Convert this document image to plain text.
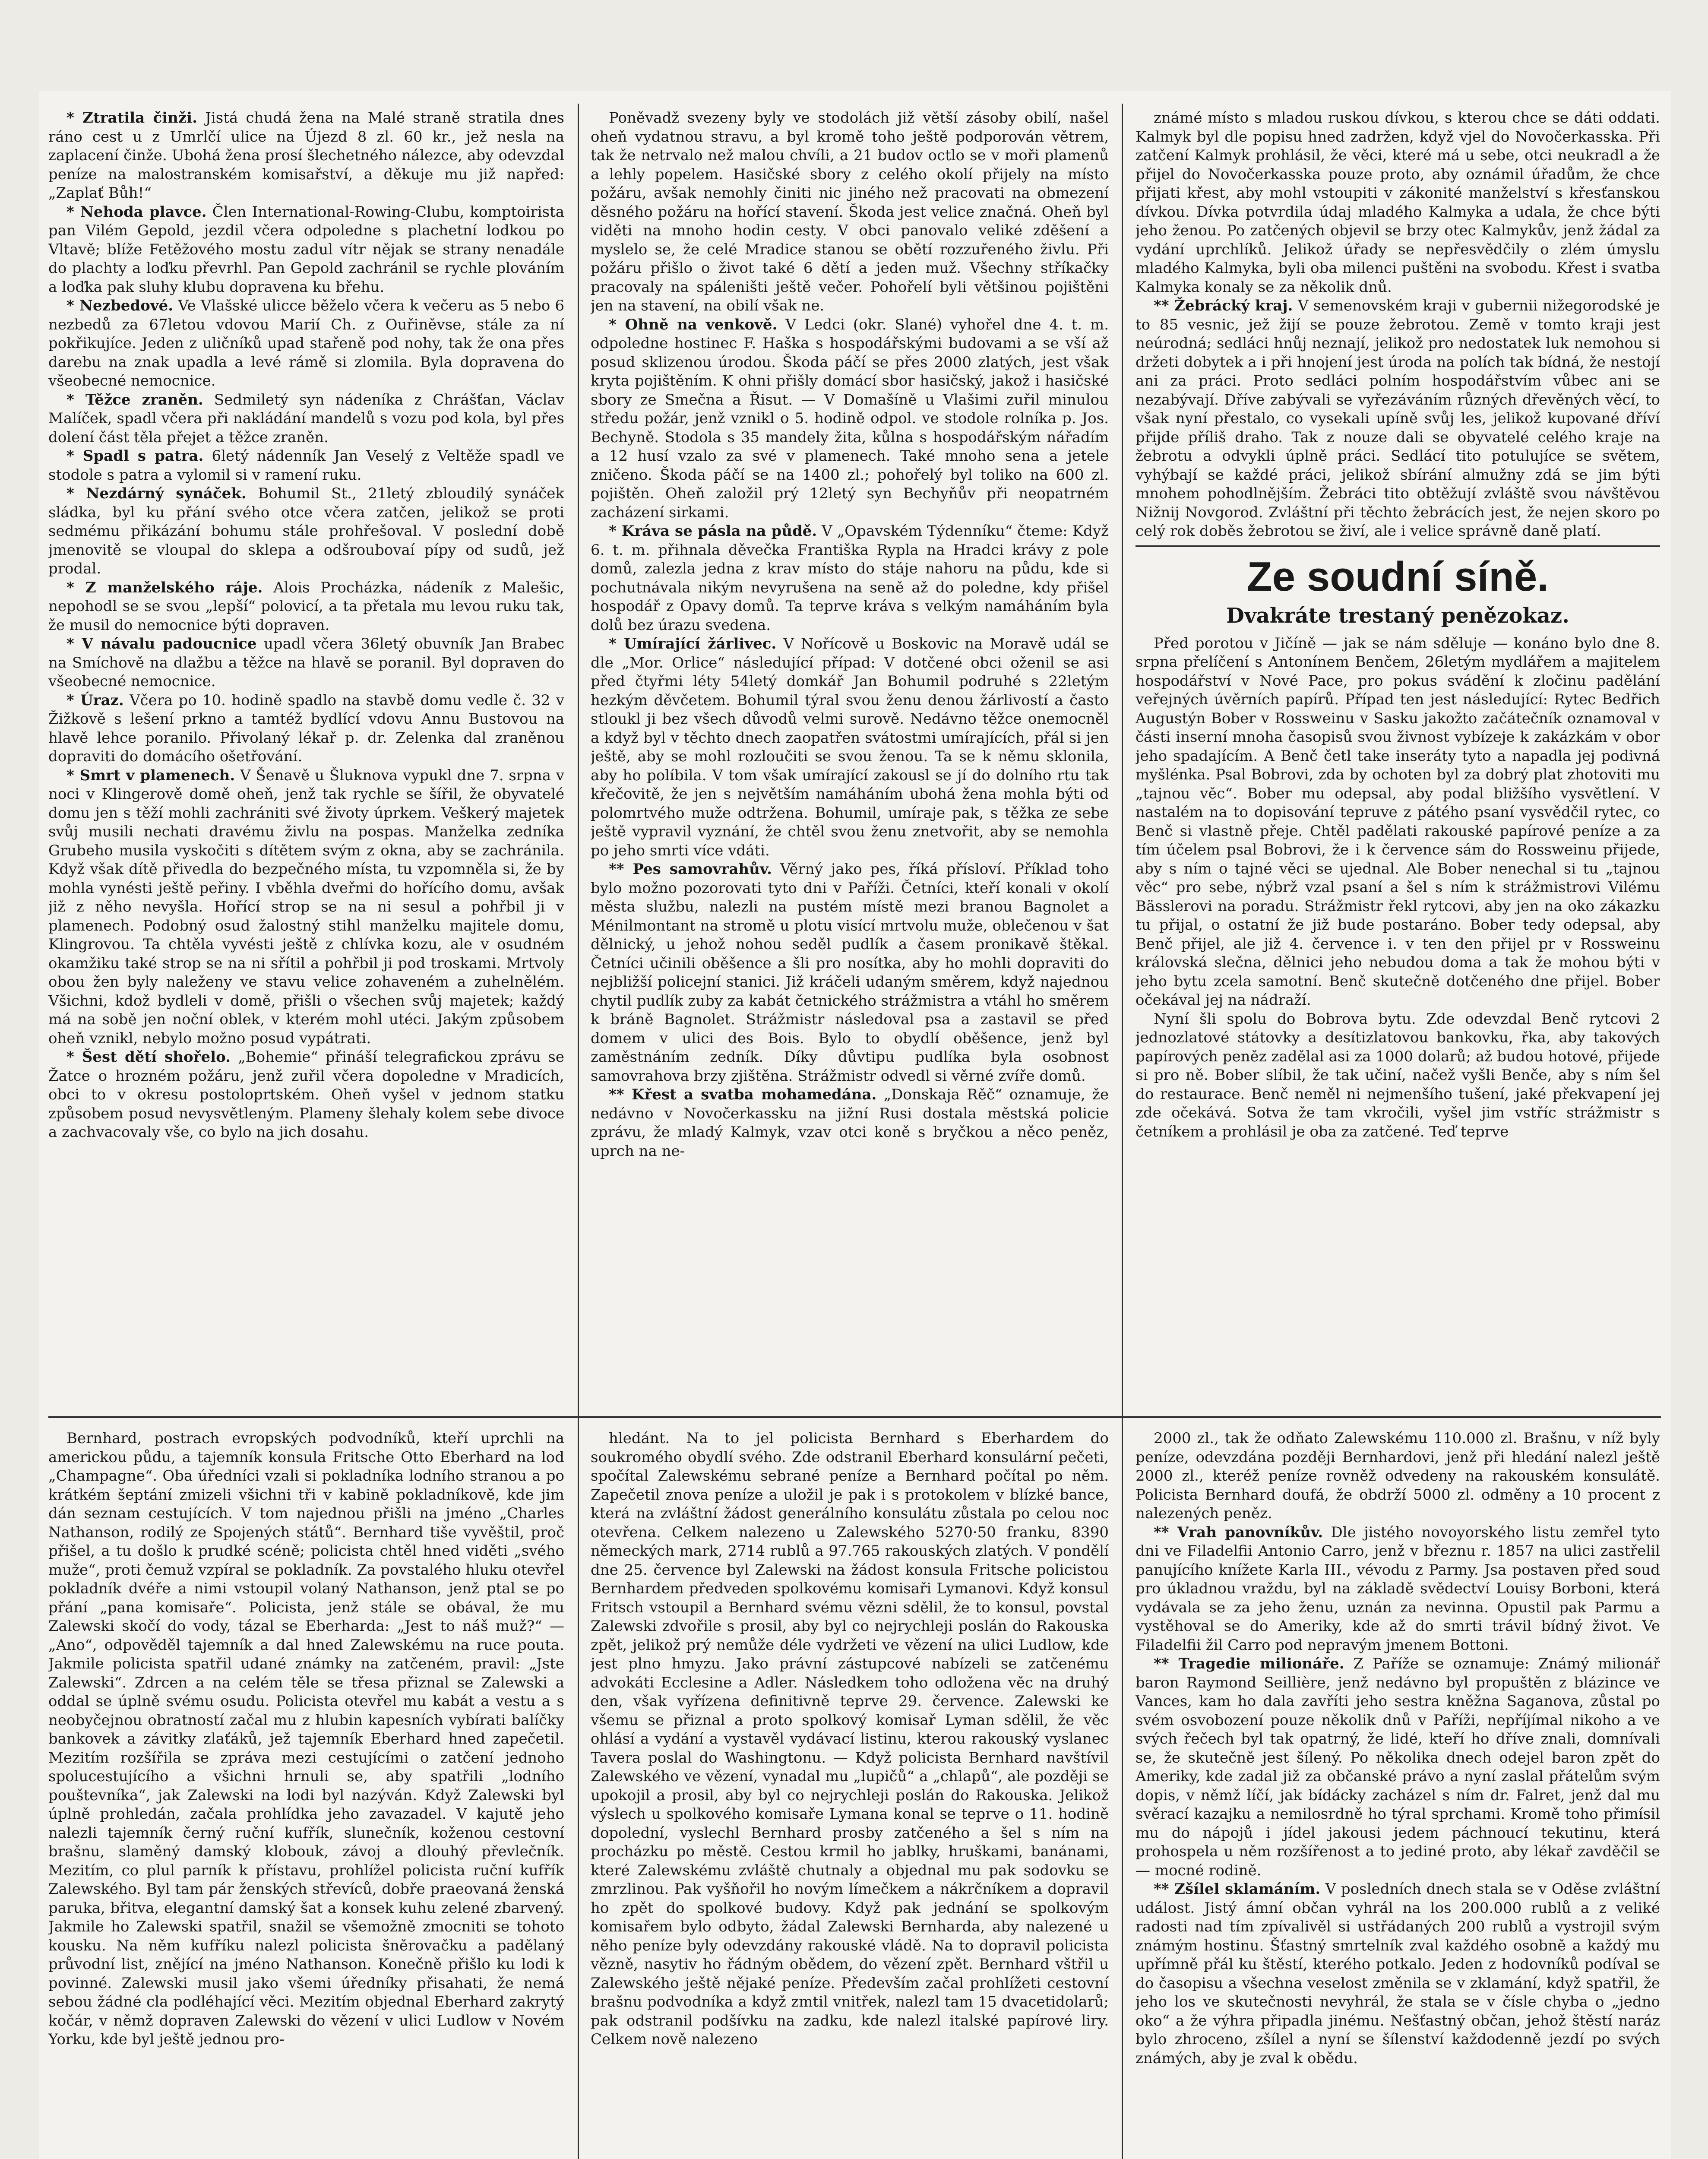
* Ztratila činži. Jistá chudá žena na Malé straně stratila dnes ráno cest u z Umrlčí ulice na Újezd 8 zl. 60 kr., jež nesla na zaplacení činže. Ubohá žena prosí šlechetného nálezce, aby odevzdal peníze na malostranském komisařství, a děkuje mu již napřed: „Zaplať Bůh!“

* Nehoda plavce. Člen International-Rowing-Clubu, komptoirista pan Vilém Gepold, jezdil včera odpoledne s plachetní lodkou po Vltavě; blíže Fetěžového mostu zadul vítr nějak se strany nenadále do plachty a loďku převrhl. Pan Gepold zachránil se rychle plováním a loďka pak sluhy klubu dopravena ku břehu.

* Nezbedové. Ve Vlašské ulicce běželo včera k večeru as 5 nebo 6 nezbedů za 67letou vdovou Marií Ch. z Ouřiněvse, stále za ní pokřikujíce. Jeden z uličníků upad stařeně pod nohy, tak že ona přes darebu na znak upadla a levé rámě si zlomila. Byla dopravena do všeobecné nemocnice.

* Těžce zraněn. Sedmiletý syn nádeníka z Chrášťan, Václav Malíček, spadl včera při nakládání mandelů s vozu pod kola, byl přes dolení část těla přejet a těžce zraněn.

* Spadl s patra. 6letý nádenník Jan Veselý z Veltěže spadl ve stodole s patra a vylomil si v ramení ruku.

* Nezdárný synáček. Bohumil St., 21letý zbloudilý synáček sládka, byl ku přání svého otce včera zatčen, jelikož se proti sedmému přikázání bohumu stále prohřešoval. V poslední době jmenovitě se vloupal do sklepa a odšroubovaí pípy od sudů, jež prodal.

* Z manželského ráje. Alois Procházka, nádeník z Malešic, nepohodl se se svou „lepší“ polovicí, a ta přetala mu levou ruku tak, že musil do nemocnice býti dopraven.

* V návalu padoucnice upadl včera 36letý obuvník Jan Brabec na Smíchově na dlažbu a těžce na hlavě se poranil. Byl dopraven do všeobecné nemocnice.

* Úraz. Včera po 10. hodině spadlo na stavbě domu vedle č. 32 v Žižkově s lešení prkno a tamtéž bydlící vdovu Annu Bustovou na hlavě lehce poranilo. Přivolaný lékař p. dr. Zelenka dal zraněnou dopraviti do domácího ošetřování.

* Smrt v plamenech. V Šenavě u Šluknova vypukl dne 7. srpna v noci v Klingerově domě oheň, jenž tak rychle se šířil, že obyvatelé domu jen s těží mohli zachrániti své životy úprkem. Veškerý majetek svůj musili nechati dravému živlu na pospas. Manželka zedníka Grubeho musila vyskočiti s dítětem svým z okna, aby se zachránila. Když však dítě přivedla do bezpečného místa, tu vzpomněla si, že by mohla vynésti ještě peřiny. I vběhla dveřmi do hořícího domu, avšak již z něho nevyšla. Hořící strop se na ni sesul a pohřbil ji v plamenech. Podobný osud žalostný stihl manželku majitele domu, Klingrovou. Ta chtěla vyvésti ještě z chlívka kozu, ale v osudném okamžiku také strop se na ni sřítil a pohřbil ji pod troskami. Mrtvoly obou žen byly naleženy ve stavu velice zohaveném a zuhelnělém. Všichni, kdož bydleli v domě, přišli o všechen svůj majetek; každý má na sobě jen noční oblek, v kterém mohl utéci. Jakým způsobem oheň vznikl, nebylo možno posud vypátrati.

* Šest dětí shořelo. „Bohemie“ přináší telegrafickou zprávu se Žatce o hrozném požáru, jenž zuřil včera dopoledne v Mradicích, obci to v okresu postoloprtském. Oheň vyšel v jednom statku způsobem posud nevysvětleným. Plameny šlehaly kolem sebe divoce a zachvacovaly vše, co bylo na jich dosahu.

Poněvadž svezeny byly ve stodolách již větší zásoby obilí, našel oheň vydatnou stravu, a byl kromě toho ještě podporován větrem, tak že netrvalo než malou chvíli, a 21 budov octlo se v moři plamenů a lehly popelem. Hasičské sbory z celého okolí přijely na místo požáru, avšak nemohly činiti nic jiného než pracovati na obmezení děsného požáru na hořící stavení. Škoda jest velice značná. Oheň byl viděti na mnoho hodin cesty. V obci panovalo veliké zděšení a myslelo se, že celé Mradice stanou se obětí rozzuřeného živlu. Při požáru přišlo o život také 6 dětí a jeden muž. Všechny stříkačky pracovaly na spáleništi ještě večer. Pohořelí byli většinou pojištěni jen na stavení, na obilí však ne.

* Ohně na venkově. V Ledci (okr. Slané) vyhořel dne 4. t. m. odpoledne hostinec F. Haška s hospodářskými budovami a se vší až posud sklizenou úrodou. Škoda páčí se přes 2000 zlatých, jest však kryta pojištěním. K ohni přišly domácí sbor hasičský, jakož i hasičské sbory ze Smečna a Řisut. — V Domašíně u Vlašimi zuřil minulou středu požár, jenž vznikl o 5. hodině odpol. ve stodole rolníka p. Jos. Bechyně. Stodola s 35 mandely žita, kůlna s hospodářským nářadím a 12 husí vzalo za své v plamenech. Také mnoho sena a jetele zničeno. Škoda páčí se na 1400 zl.; pohořelý byl toliko na 600 zl. pojištěn. Oheň založil prý 12letý syn Bechyňův při neopatrném zacházení sirkami.

* Kráva se pásla na půdě. V „Opavském Týdenníku“ čteme: Když 6. t. m. přihnala děvečka Františka Rypla na Hradci krávy z pole domů, zalezla jedna z krav místo do stáje nahoru na půdu, kde si pochutnávala nikým nevyrušena na seně až do poledne, kdy přišel hospodář z Opavy domů. Ta teprve kráva s velkým namáháním byla dolů bez úrazu svedena.

* Umírající žárlivec. V Nořícově u Boskovic na Moravě udál se dle „Mor. Orlice“ následující případ: V dotčené obci oženil se asi před čtyřmi léty 54letý domkář Jan Bohumil podruhé s 22letým hezkým děvčetem. Bohumil týral svou ženu denou žárlivostí a často stloukl ji bez všech důvodů velmi surově. Nedávno těžce onemocněl a když byl v těchto dnech zaopatřen svátostmi umírajících, přál si jen ještě, aby se mohl rozloučiti se svou ženou. Ta se k němu sklonila, aby ho políbila. V tom však umírající zakousl se jí do dolního rtu tak křečovitě, že jen s největším namáháním ubohá žena mohla býti od polomrtvého muže odtržena. Bohumil, umíraje pak, s těžka ze sebe ještě vypravil vyznání, že chtěl svou ženu znetvořit, aby se nemohla po jeho smrti více vdáti.

** Pes samovrahův. Věrný jako pes, říká přísloví. Příklad toho bylo možno pozorovati tyto dni v Paříži. Četníci, kteří konali v okolí města službu, nalezli na pustém místě mezi branou Bagnolet a Ménilmontant na stromě u plotu visící mrtvolu muže, oblečenou v šat dělnický, u jehož nohou seděl pudlík a časem pronikavě štěkal. Četníci učinili oběšence a šli pro nosítka, aby ho mohli dopraviti do nejbližší policejní stanici. Již kráčeli udaným směrem, když najednou chytil pudlík zuby za kabát četnického strážmistra a vtáhl ho směrem k bráně Bagnolet. Strážmistr následoval psa a zastavil se před domem v ulici des Bois. Bylo to obydlí oběšence, jenž byl zaměstnáním zedník. Díky důvtipu pudlíka byla osobnost samovrahova brzy zjištěna. Strážmistr odvedl si věrné zvíře domů.

** Křest a svatba mohamedána. „Donskaja Rěč“ oznamuje, že nedávno v Novočerkassku na jižní Rusi dostala městská policie zprávu, že mladý Kalmyk, vzav otci koně s bryčkou a něco peněz, uprch na ne-

známé místo s mladou ruskou dívkou, s kterou chce se dáti oddati. Kalmyk byl dle popisu hned zadržen, když vjel do Novočerkasska. Při zatčení Kalmyk prohlásil, že věci, které má u sebe, otci neukradl a že přijel do Novočerkasska pouze proto, aby oznámil úřadům, že chce přijati křest, aby mohl vstoupiti v zákonité manželství s křesťanskou dívkou. Dívka potvrdila údaj mladého Kalmyka a udala, že chce býti jeho ženou. Po zatčených objevil se brzy otec Kalmykův, jenž žádal za vydání uprchlíků. Jelikož úřady se nepřesvědčily o zlém úmyslu mladého Kalmyka, byli oba milenci puštěni na svobodu. Křest i svatba Kalmyka konaly se za několik dnů.

** Žebrácký kraj. V semenovském kraji v gubernii nižegorodské je to 85 vesnic, jež žijí se pouze žebrotou. Země v tomto kraji jest neúrodná; sedláci hnůj neznají, jelikož pro nedostatek luk nemohou si držeti dobytek a i při hnojení jest úroda na polích tak bídná, že nestojí ani za práci. Proto sedláci polním hospodářstvím vůbec ani se nezabývají. Dříve zabývali se vyřezáváním různých dřevěných věcí, to však nyní přestalo, co vysekali upíně svůj les, jelikož kupované dříví přijde příliš draho. Tak z nouze dali se obyvatelé celého kraje na žebrotu a odvykli úplně práci. Sedlácí tito potulujíce se světem, vyhýbají se každé práci, jelikož sbírání almužny zdá se jim býti mnohem pohodlnějším. Žebráci tito obtěžují zvláště svou návštěvou Nižnij Novgorod. Zvláštní při těchto žebrácích jest, že nejen skoro po celý rok doběs žebrotou se živí, ale i velice správně daně platí.

Ze soudní síně.

Dvakráte trestaný penězokaz.

Před porotou v Jičíně — jak se nám sděluje — konáno bylo dne 8. srpna přelíčení s Antonínem Benčem, 26letým mydlářem a majitelem hospodářství v Nové Pace, pro pokus svádění k zločinu padělání veřejných úvěrních papírů. Případ ten jest následující: Rytec Bedřich Augustýn Bober v Rossweinu v Sasku jakožto začátečník oznamoval v části inserní mnoha časopisů svou živnost vybízeje k zakázkám v obor jeho spadajícím. A Benč četl take inseráty tyto a napadla jej podivná myšlénka. Psal Bobrovi, zda by ochoten byl za dobrý plat zhotoviti mu „tajnou věc“. Bober mu odepsal, aby podal bližšího vysvětlení. V nastalém na to dopisování tepruve z pátého psaní vysvědčil rytec, co Benč si vlastně přeje. Chtěl padělati rakouské papírové peníze a za tím účelem psal Bobrovi, že i k července sám do Rossweinu přijede, aby s ním o tajné věci se ujednal. Ale Bober nenechal si tu „tajnou věc“ pro sebe, nýbrž vzal psaní a šel s ním k strážmistrovi Vilému Bässlerovi na poradu. Strážmistr řekl rytcovi, aby jen na oko zákazku tu přijal, o ostatní že již bude postaráno. Bober tedy odepsal, aby Benč přijel, ale již 4. července i. v ten den přijel pr v Rossweinu královská slečna, dělnici jeho nebudou doma a tak že mohou býti v jeho bytu zcela samotní. Benč skutečně dotčeného dne přijel. Bober očekával jej na nádraží.

Nyní šli spolu do Bobrova bytu. Zde odevzdal Benč rytcovi 2 jednozlatové státovky a desítizlatovou bankovku, řka, aby takových papírových peněz zadělal asi za 1000 dolarů; až budou hotové, přijede si pro ně. Bober slíbil, že tak učiní, načež vyšli Benče, aby s ním šel do restaurace. Benč neměl ni nejmenšího tušení, jaké překvapení jej zde očekává. Sotva že tam vkročili, vyšel jim vstříc strážmistr s četníkem a prohlásil je oba za zatčené. Teď teprve

Bernhard, postrach evropských podvodníků, kteří uprchli na americkou půdu, a tajemník konsula Fritsche Otto Eberhard na loď „Champagne“. Oba úředníci vzali si pokladníka lodního stranou a po krátkém šeptání zmizeli všichni tři v kabině pokladníkově, kde jim dán seznam cestujících. V tom najednou přišli na jméno „Charles Nathanson, rodilý ze Spojených států“. Bernhard tiše vyvěštil, proč přišel, a tu došlo k prudké scéně; policista chtěl hned viděti „svého muže“, proti čemuž vzpíral se pokladník. Za povstalého hluku otevřel pokladník dvéře a nimi vstoupil volaný Nathanson, jenž ptal se po přání „pana komisaře“. Policista, jenž stále se obával, že mu Zalewski skočí do vody, tázal se Eberharda: „Jest to náš muž?“ — „Ano“, odpověděl tajemník a dal hned Zalewskému na ruce pouta. Jakmile policista spatřil udané známky na zatčeném, pravil: „Jste Zalewski“. Zdrcen a na celém těle se třesa přiznal se Zalewski a oddal se úplně svému osudu. Policista otevřel mu kabát a vestu a s neobyčejnou obratností začal mu z hlubin kapesních vybírati balíčky bankovek a závitky zlaťáků, jež tajemník Eberhard hned zapečetil. Mezitím rozšířila se zpráva mezi cestujícími o zatčení jednoho spolucestujícího a všichni hrnuli se, aby spatřili „lodního pouštevníka“, jak Zalewski na lodi byl nazýván. Když Zalewski byl úplně prohledán, začala prohlídka jeho zavazadel. V kajutě jeho nalezli tajemník černý ruční kufřík, slunečník, koženou cestovní brašnu, slaměný damský klobouk, závoj a dlouhý převlečník. Mezitím, co plul parník k přístavu, prohlížel policista ruční kufřík Zalewského. Byl tam pár ženských střevíců, dobře praeovaná ženská paruka, břitva, elegantní damský šat a konsek kuhu zelené zbarvený. Jakmile ho Zalewski spatřil, snažil se všemožně zmocniti se tohoto kousku. Na něm kufříku nalezl policista šněrovačku a padělaný průvodní list, znějící na jméno Nathanson. Konečně přišlo ku lodi k povinné. Zalewski musil jako všemi úředníky přisahati, že nemá sebou žádné cla podléhající věci. Mezitím objednal Eberhard zakrytý kočár, v němž dopraven Zalewski do vězení v ulici Ludlow v Novém Yorku, kde byl ještě jednou pro-

hledánt. Na to jel policista Bernhard s Eberhardem do soukromého obydlí svého. Zde odstranil Eberhard konsulární pečeti, spočítal Zalewskému sebrané peníze a Bernhard počítal po něm. Zapečetil znova peníze a uložil je pak i s protokolem v blízké bance, která na zvláštní žádost generálního konsulátu zůstala po celou noc otevřena. Celkem nalezeno u Zalewského 5270·50 franku, 8390 německých mark, 2714 rublů a 97.765 rakouských zlatých. V pondělí dne 25. července byl Zalewski na žádost konsula Fritsche policistou Bernhardem předveden spolkovému komisaři Lymanovi. Když konsul Fritsch vstoupil a Bernhard svému vězni sdělil, že to konsul, povstal Zalewski zdvořile s prosil, aby byl co nejrychleji poslán do Rakouska zpět, jelikož prý nemůže déle vydržeti ve vězení na ulici Ludlow, kde jest plno hmyzu. Jako právní zástupcové nabízeli se zatčenému advokáti Ecclesine a Adler. Následkem toho odložena věc na druhý den, však vyřízena definitivně teprve 29. července. Zalewski ke všemu se přiznal a proto spolkový komisař Lyman sdělil, že věc ohlásí a vydání a vystavěl vydávací listinu, kterou rakouský vyslanec Tavera poslal do Washingtonu. — Když policista Bernhard navštívil Zalewského ve vězení, vynadal mu „lupičů“ a „chlapů“, ale později se upokojil a prosil, aby byl co nejrychleji poslán do Rakouska. Jelikož výslech u spolkového komisaře Lymana konal se teprve o 11. hodině dopolední, vyslechl Bernhard prosby zatčeného a šel s ním na procházku po městě. Cestou krmil ho jablky, hruškami, banánami, které Zalewskému zvláště chutnaly a objednal mu pak sodovku se zmrzlinou. Pak vyšňořil ho novým límečkem a nákrčníkem a dopravil ho zpět do spolkové budovy. Když pak jednání se spolkovým komisařem bylo odbyto, žádal Zalewski Bernharda, aby nalezené u něho peníze byly odevzdány rakouské vládě. Na to dopravil policista vězně, nasytiv ho řádným obědem, do vězení zpět. Bernhard vštřil u Zalewského ještě nějaké peníze. Především začal prohlížeti cestovní brašnu podvodníka a když zmtil vnitřek, nalezl tam 15 dvacetidolarů; pak odstranil podšívku na zadku, kde nalezl italské papírové liry. Celkem nově nalezeno

2000 zl., tak že odňato Zalewskému 110.000 zl. Brašnu, v níž byly peníze, odevzdána později Bernhardovi, jenž při hledání nalezl ještě 2000 zl., kteréž peníze rovněž odvedeny na rakouském konsulátě. Policista Bernhard doufá, že obdrží 5000 zl. odměny a 10 procent z nalezených peněz.

** Vrah panovníkův. Dle jistého novoyorského listu zemřel tyto dni ve Filadelfii Antonio Carro, jenž v březnu r. 1857 na ulici zastřelil panujícího knížete Karla III., vévodu z Parmy. Jsa postaven před soud pro úkladnou vraždu, byl na základě svědectví Louisy Borboni, která vydávala se za jeho ženu, uznán za nevinna. Opustil pak Parmu a vystěhoval se do Ameriky, kde až do smrti trávil bídný život. Ve Filadelfii žil Carro pod nepravým jmenem Bottoni.

** Tragedie milionáře. Z Paříže se oznamuje: Známý milionář baron Raymond Seillière, jenž nedávno byl propuštěn z blázince ve Vances, kam ho dala zavříti jeho sestra kněžna Saganova, zůstal po svém osvobození pouze několik dnů v Paříži, nepříjímal nikoho a ve svých řečech byl tak opatrný, že lidé, kteří ho dříve znali, domnívali se, že skutečně jest šílený. Po několika dnech odejel baron zpět do Ameriky, kde zadal již za občanské právo a nyní zaslal přátelům svým dopis, v němž líčí, jak bídácky zacházel s ním dr. Falret, jenž dal mu svěrací kazajku a nemilosrdně ho týral sprchami. Kromě toho přimísil mu do nápojů i jídel jakousi jedem páchnoucí tekutinu, která prohospela u něm rozšířenost a to jediné proto, aby lékař zavděčil se — mocné rodině.

** Zšílel sklamáním. V posledních dnech stala se v Oděse zvláštní událost. Jistý ámní občan vyhrál na los 200.000 rublů a z veliké radosti nad tím zpívalivěl si ustřádaných 200 rublů a vystrojil svým známým hostinu. Šťastný smrtelník zval každého osobně a každý mu upřímně přál ku štěstí, kterého potkalo. Jeden z hodovníků podíval se do časopisu a všechna veselost změnila se v zklamání, když spatřil, že jeho los ve skutečnosti nevyhrál, že stala se v čísle chyba o „jedno oko“ a že výhra připadla jinému. Nešťastný občan, jehož štěstí naráz bylo zhroceno, zšílel a nyní se šílenství každodenně jezdí po svých známých, aby je zval k obědu.
